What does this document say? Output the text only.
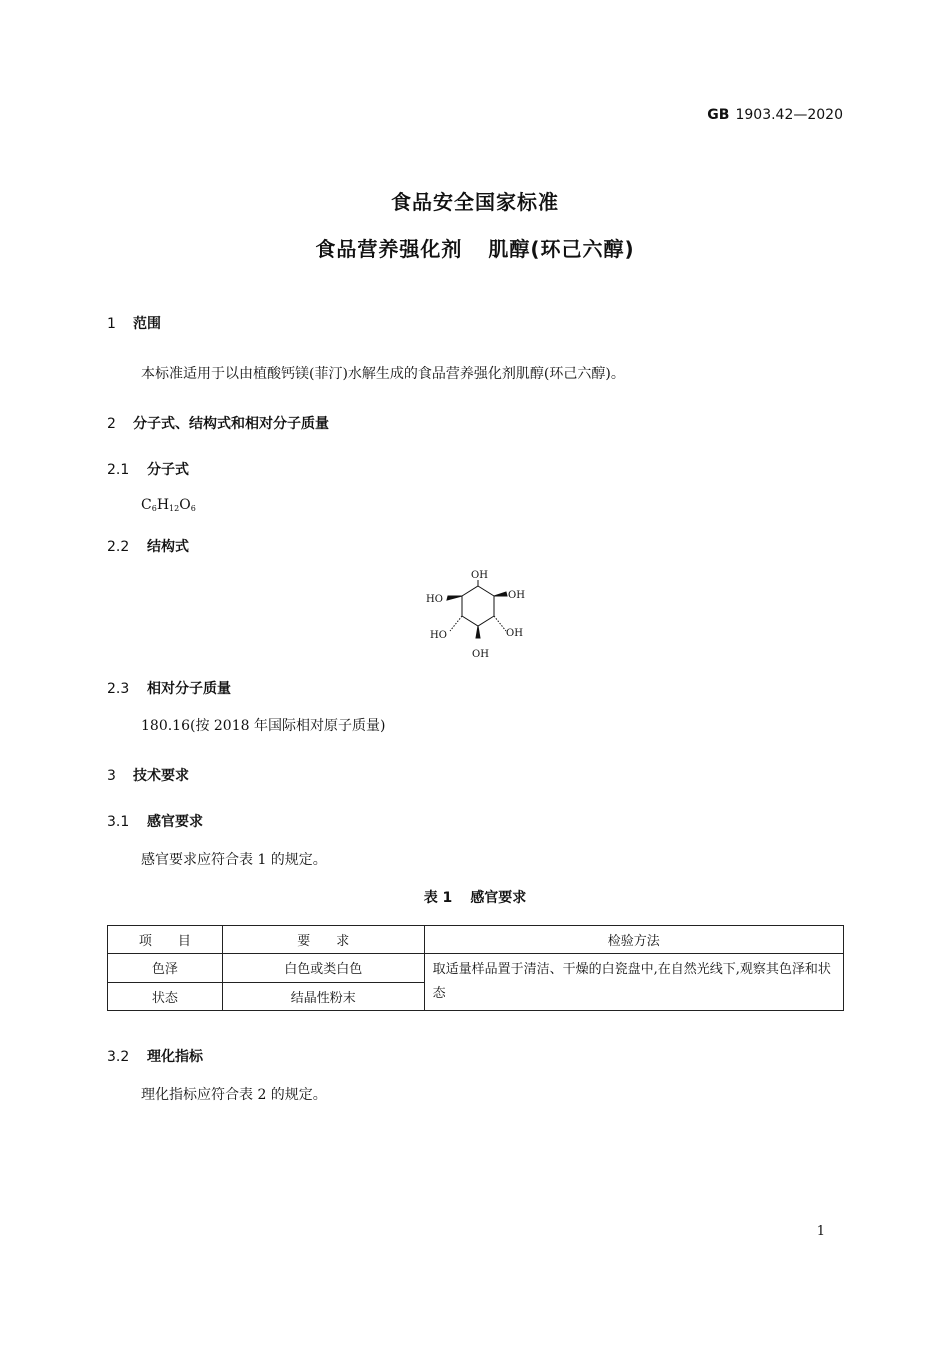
GB 1903.42—2020
食品安全国家标准
食品营养强化剂 肌醇(环己六醇)
1 范围
本标准适用于以由植酸钙镁(菲汀)水解生成的食品营养强化剂肌醇(环己六醇)。
2 分子式、结构式和相对分子质量
2.1 分子式
$C_6H_{12}O_6$
2.2 结构式
OH
HO	OH
HO	OH
OH
2.3 相对分子质量
180.16(按 2018 年国际相对原子质量)
3 技术要求
3.1 感官要求
感官要求应符合表 1 的规定。
表 1 感官要求
项　　目	要　　求	检验方法
色泽	白色或类白色	取适量样品置于清洁、干燥的白瓷盘中,在自然光线下,观察其色泽和状态
状态	结晶性粉末	
3.2 理化指标
理化指标应符合表 2 的规定。
1
